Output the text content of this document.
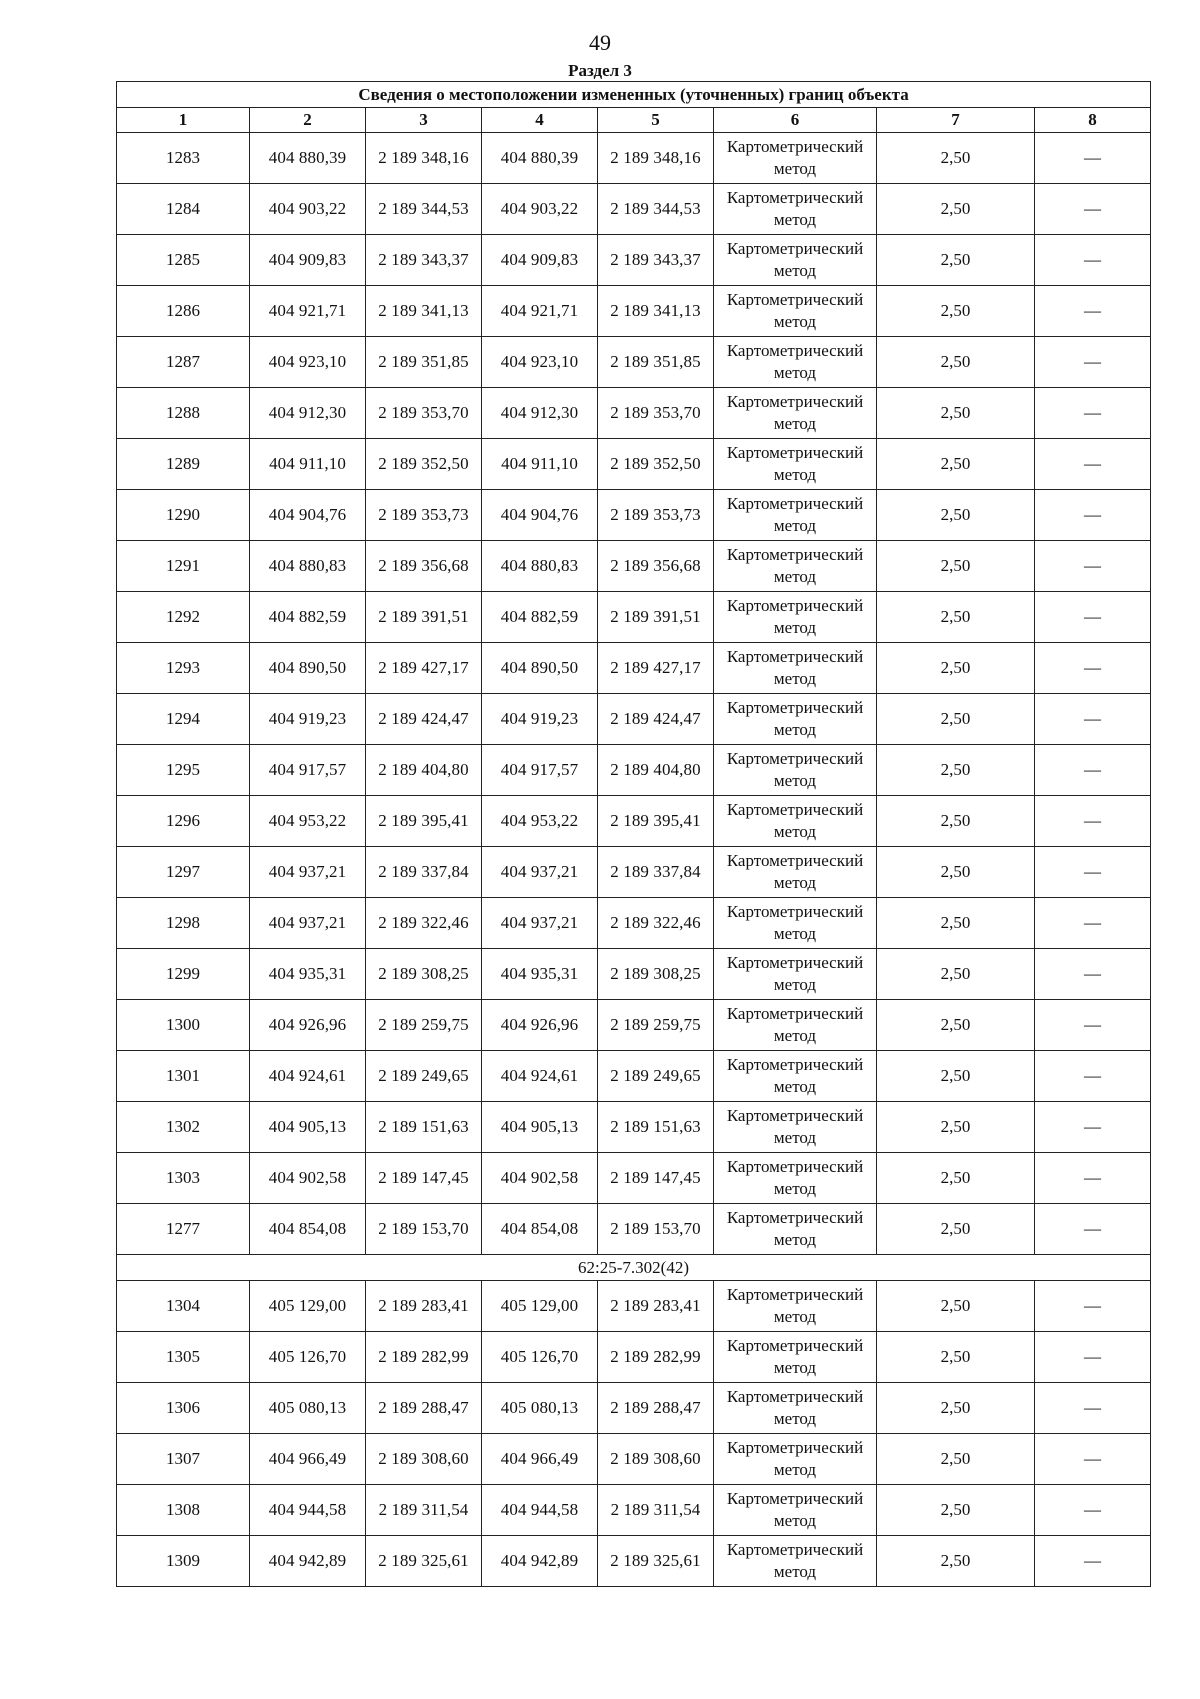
49
Раздел 3
Сведения о местоположении измененных (уточненных) границ объекта							
1	2	3	4	5	6	7	8
1283	404 880,39	2 189 348,16	404 880,39	2 189 348,16	Картометрический метод	2,50	—
1284	404 903,22	2 189 344,53	404 903,22	2 189 344,53	Картометрический метод	2,50	—
1285	404 909,83	2 189 343,37	404 909,83	2 189 343,37	Картометрический метод	2,50	—
1286	404 921,71	2 189 341,13	404 921,71	2 189 341,13	Картометрический метод	2,50	—
1287	404 923,10	2 189 351,85	404 923,10	2 189 351,85	Картометрический метод	2,50	—
1288	404 912,30	2 189 353,70	404 912,30	2 189 353,70	Картометрический метод	2,50	—
1289	404 911,10	2 189 352,50	404 911,10	2 189 352,50	Картометрический метод	2,50	—
1290	404 904,76	2 189 353,73	404 904,76	2 189 353,73	Картометрический метод	2,50	—
1291	404 880,83	2 189 356,68	404 880,83	2 189 356,68	Картометрический метод	2,50	—
1292	404 882,59	2 189 391,51	404 882,59	2 189 391,51	Картометрический метод	2,50	—
1293	404 890,50	2 189 427,17	404 890,50	2 189 427,17	Картометрический метод	2,50	—
1294	404 919,23	2 189 424,47	404 919,23	2 189 424,47	Картометрический метод	2,50	—
1295	404 917,57	2 189 404,80	404 917,57	2 189 404,80	Картометрический метод	2,50	—
1296	404 953,22	2 189 395,41	404 953,22	2 189 395,41	Картометрический метод	2,50	—
1297	404 937,21	2 189 337,84	404 937,21	2 189 337,84	Картометрический метод	2,50	—
1298	404 937,21	2 189 322,46	404 937,21	2 189 322,46	Картометрический метод	2,50	—
1299	404 935,31	2 189 308,25	404 935,31	2 189 308,25	Картометрический метод	2,50	—
1300	404 926,96	2 189 259,75	404 926,96	2 189 259,75	Картометрический метод	2,50	—
1301	404 924,61	2 189 249,65	404 924,61	2 189 249,65	Картометрический метод	2,50	—
1302	404 905,13	2 189 151,63	404 905,13	2 189 151,63	Картометрический метод	2,50	—
1303	404 902,58	2 189 147,45	404 902,58	2 189 147,45	Картометрический метод	2,50	—
1277	404 854,08	2 189 153,70	404 854,08	2 189 153,70	Картометрический метод	2,50	—
62:25-7.302(42)							
1304	405 129,00	2 189 283,41	405 129,00	2 189 283,41	Картометрический метод	2,50	—
1305	405 126,70	2 189 282,99	405 126,70	2 189 282,99	Картометрический метод	2,50	—
1306	405 080,13	2 189 288,47	405 080,13	2 189 288,47	Картометрический метод	2,50	—
1307	404 966,49	2 189 308,60	404 966,49	2 189 308,60	Картометрический метод	2,50	—
1308	404 944,58	2 189 311,54	404 944,58	2 189 311,54	Картометрический метод	2,50	—
1309	404 942,89	2 189 325,61	404 942,89	2 189 325,61	Картометрический метод	2,50	—
